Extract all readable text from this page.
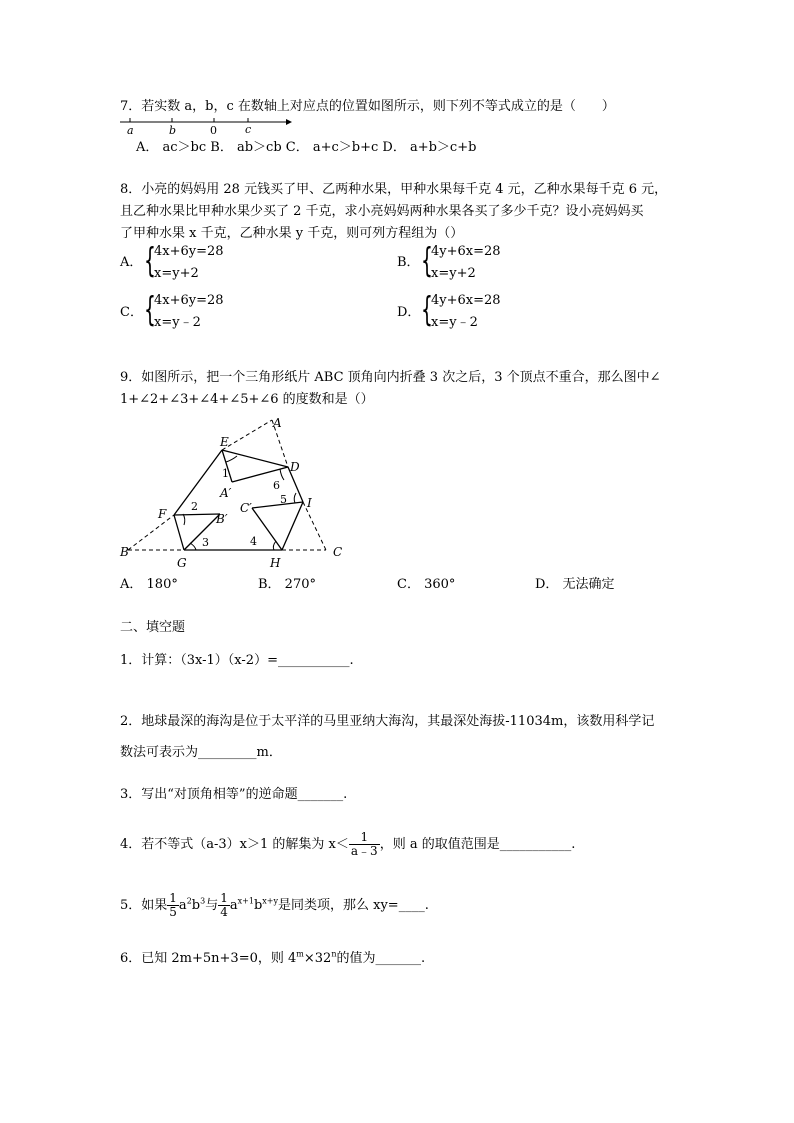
7．若实数 a，b，c 在数轴上对应点的位置如图所示，则下列不等式成立的是（　　）
a	b	0	c
A． ac＞bc B． ab＞cb C． a+c＞b+c D． a+b＞c+b
8．小亮的妈妈用 28 元钱买了甲、乙两种水果，甲种水果每千克 4 元，乙种水果每千克 6 元，
且乙种水果比甲种水果少买了 2 千克，求小亮妈妈两种水果各买了多少千克？设小亮妈妈买
了甲种水果 x 千克，乙种水果 y 千克，则可列方程组为（）
A． {
4x+6y=28
x=y+2
B． {
4y+6x=28
x=y+2
C． {
4x+6y=28
x=y﹣2
D． {
4y+6x=28
x=y﹣2
9．如图所示，把一个三角形纸片 ABC 顶角向内折叠 3 次之后，3 个顶点不重合，那么图中∠
1+∠2+∠3+∠4+∠5+∠6 的度数和是（）
A
E
D
1
6
A′	5 I
2	C′
F	B′
3	4
B	C
G	H
A． 180°	B． 270°	C． 360°	D． 无法确定
二、填空题
1．计算：（3x-1）（x-2）=___________.
2．地球最深的海沟是位于太平洋的马里亚纳大海沟，其最深处海拔-11034m，该数用科学记
数法可表示为_________m．
3．写出“对顶角相等”的逆命题_______.
4．若不等式（a-3）x＞1 的解集为 $x< \frac{1}{a﹣3}$ ，则 a 的取值范围是___________.
5．如果 $\frac{1}{5} a^2b^3$与 $\frac{1}{4} a^{x+1}b^{x+y}$是同类项，那么 xy=____.
6．已知 2m+5n+3=0，则 $4^m\times 32^n$的值为_______.
